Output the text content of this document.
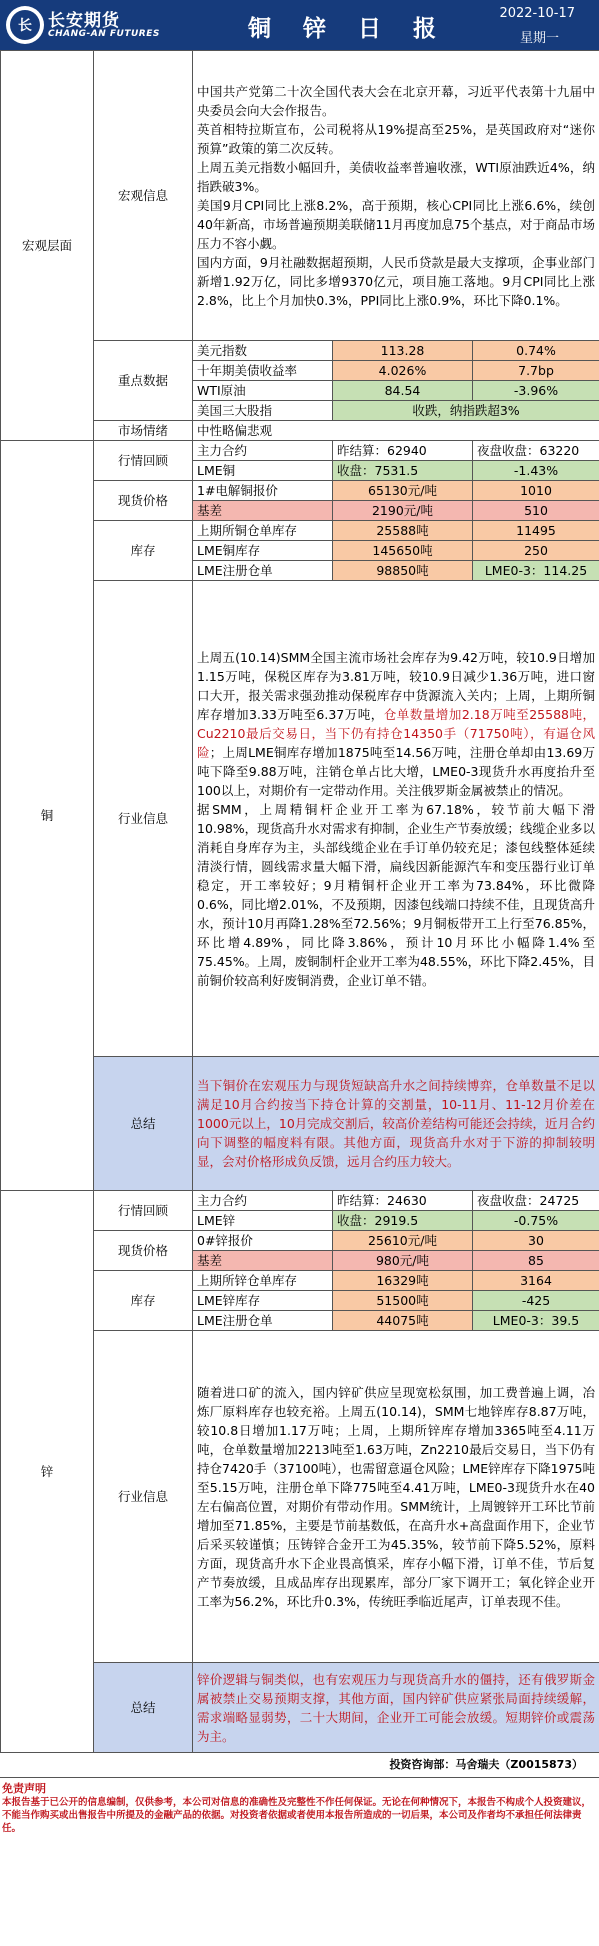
长 长安期货
CHANG-AN FUTURES	铜 锌 日 报
2022-10-17
星期一
宏观层面	宏观信息	中国共产党第二十次全国代表大会在北京开幕，习近平代表第十九届中央委员会向大会作报告。
英首相特拉斯宣布，公司税将从19%提高至25%，是英国政府对“迷你预算”政策的第二次反转。
上周五美元指数小幅回升，美债收益率普遍收涨，WTI原油跌近4%，纳指跌破3%。
美国9月CPI同比上涨8.2%，高于预期，核心CPI同比上涨6.6%，续创40年新高，市场普遍预期美联储11月再度加息75个基点，对于商品市场压力不容小觑。
国内方面，9月社融数据超预期，人民币贷款是最大支撑项，企事业部门新增1.92万亿，同比多增9370亿元，项目施工落地。9月CPI同比上涨2.8%，比上个月加快0.3%，PPI同比上涨0.9%，环比下降0.1%。		

	重点数据	美元指数	113.28	0.74%
		十年期美债收益率	4.026%	7.7bp
		WTI原油	84.54	-3.96%
		美国三大股指	收跌，纳指跌超3%	
	市场情绪	中性略偏悲观		
铜	行情回顾	主力合约	昨结算：62940	夜盘收盘：63220
		LME铜	收盘：7531.5	-1.43%
	现货价格	1#电解铜报价	65130元/吨	1010
		基差	2190元/吨	510
	库存	上期所铜仓单库存	25588吨	11495
		LME铜库存	145650吨	250
		LME注册仓单	98850吨	LME0-3：114.25
	行业信息	上周五(10.14)SMM全国主流市场社会库存为9.42万吨，较10.9日增加1.15万吨，保税区库存为3.81万吨，较10.9日减少1.36万吨，进口窗口大开，报关需求强劲推动保税库存中货源流入关内；上周，上期所铜库存增加3.33万吨至6.37万吨，仓单数量增加2.18万吨至25588吨，Cu2210最后交易日，当下仍有持仓14350手（71750吨），有逼仓风险；上周LME铜库存增加1875吨至14.56万吨，注册仓单却由13.69万吨下降至9.88万吨，注销仓单占比大增，LME0-3现货升水再度抬升至100以上，对期价有一定带动作用。关注俄罗斯金属被禁止的情况。
据SMM，上周精铜杆企业开工率为67.18%，较节前大幅下滑10.98%，现货高升水对需求有抑制，企业生产节奏放缓；线缆企业多以消耗自身库存为主，头部线缆企业在手订单仍较充足；漆包线整体延续清淡行情，圆线需求量大幅下滑，扁线因新能源汽车和变压器行业订单稳定，开工率较好；9月精铜杆企业开工率为73.84%，环比微降0.6%，同比增2.01%，不及预期，因漆包线端口持续不佳，且现货高升水，预计10月再降1.28%至72.56%；9月铜板带开工上行至76.85%，环比增4.89%，同比降3.86%，预计10月环比小幅降1.4%至75.45%。上周，废铜制杆企业开工率为48.55%，环比下降2.45%，目前铜价较高利好废铜消费，企业订单不错。		

	总结	当下铜价在宏观压力与现货短缺高升水之间持续博弈，仓单数量不足以满足10月合约按当下持仓计算的交割量，10-11月、11-12月价差在1000元以上，10月完成交割后，较高价差结构可能还会持续，近月合约向下调整的幅度料有限。其他方面，现货高升水对于下游的抑制较明显，会对价格形成负反馈，远月合约压力较大。		

锌	行情回顾	主力合约	昨结算：24630	夜盘收盘：24725
		LME锌	收盘：2919.5	-0.75%
	现货价格	0#锌报价	25610元/吨	30
		基差	980元/吨	85
	库存	上期所锌仓单库存	16329吨	3164
		LME锌库存	51500吨	-425
		LME注册仓单	44075吨	LME0-3：39.5
	行业信息	随着进口矿的流入，国内锌矿供应呈现宽松氛围，加工费普遍上调，冶炼厂原料库存也较充裕。上周五(10.14)，SMM七地锌库存8.87万吨，较10.8日增加1.17万吨；上周，上期所锌库存增加3365吨至4.11万吨，仓单数量增加2213吨至1.63万吨，Zn2210最后交易日，当下仍有持仓7420手（37100吨），也需留意逼仓风险；LME锌库存下降1975吨至5.15万吨，注册仓单下降775吨至4.41万吨，LME0-3现货升水在40左右偏高位置，对期价有带动作用。SMM统计，上周镀锌开工环比节前增加至71.85%，主要是节前基数低，在高升水+高盘面作用下，企业节后采买较谨慎；压铸锌合金开工为45.35%，较节前下降5.52%，原料方面，现货高升水下企业畏高慎采，库存小幅下滑，订单不佳，节后复产节奏放缓，且成品库存出现累库，部分厂家下调开工；氧化锌企业开工率为56.2%，环比升0.3%，传统旺季临近尾声，订单表现不佳。		
	总结	锌价逻辑与铜类似，也有宏观压力与现货高升水的僵持，还有俄罗斯金属被禁止交易预期支撑，其他方面，国内锌矿供应紧张局面持续缓解，需求端略显弱势，二十大期间，企业开工可能会放缓。短期锌价或震荡为主。		
投资咨询部：马舍瑞夫（Z0015873）
免责声明
本报告基于已公开的信息编制，仅供参考，本公司对信息的准确性及完整性不作任何保证。无论在何种情况下，本报告不构成个人投资建议，不能当作购买或出售报告中所提及的金融产品的依据。对投资者依据或者使用本报告所造成的一切后果，本公司及作者均不承担任何法律责任。
